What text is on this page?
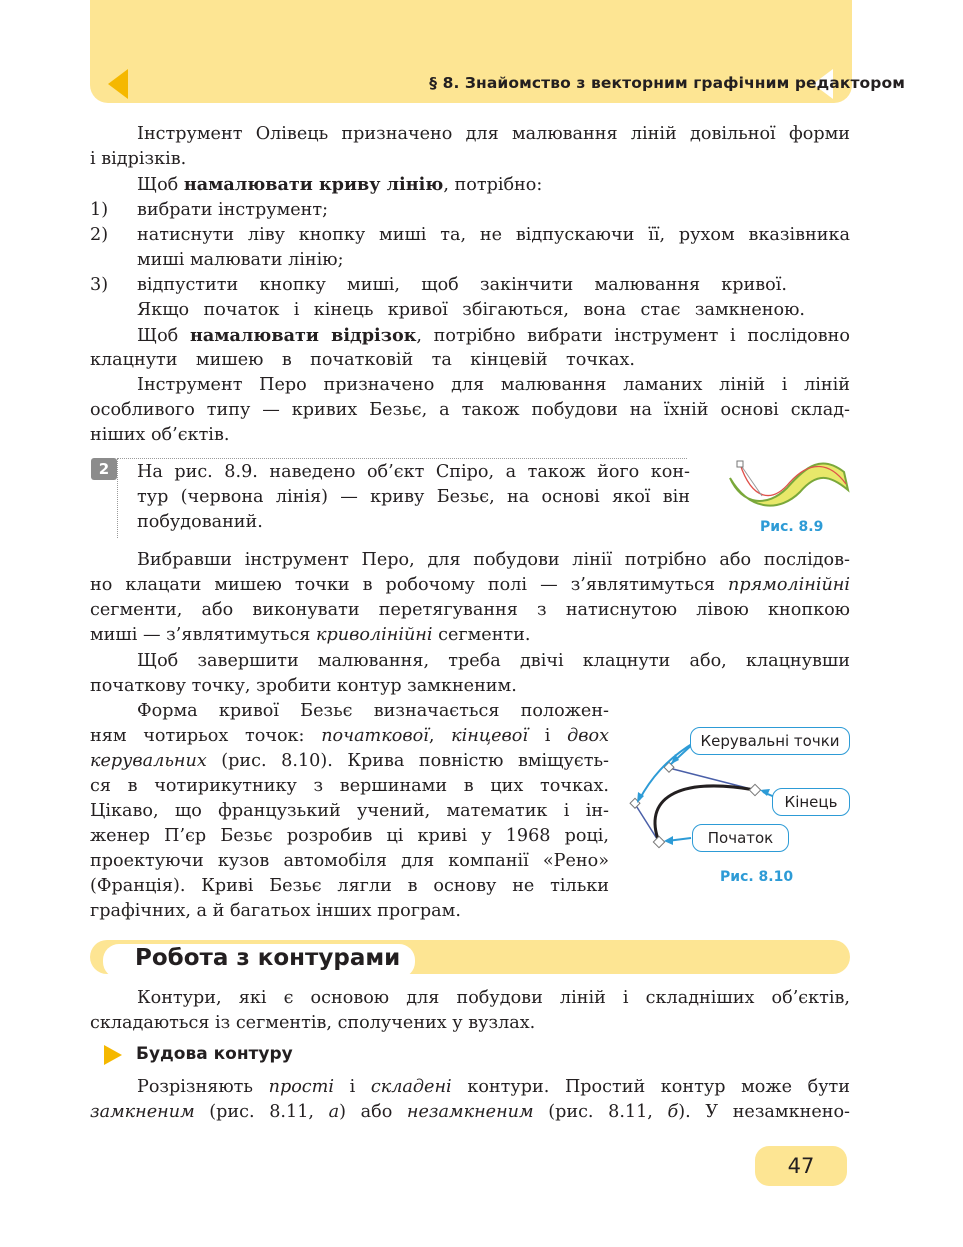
§ 8. Знайомство з векторним графічним редактором
Інструмент Олівець призначено для малювання ліній довільної форми
і відрізків.
Щоб намалювати криву лінію, потрібно:
1) вибрати інструмент;
2) натиснути ліву кнопку миші та, не відпускаючи її, рухом вказівника
миші малювати лінію;
3) відпустити кнопку миші, щоб закінчити малювання кривої.
Якщо початок і кінець кривої збігаються, вона стає замкненою.
Щоб намалювати відрізок, потрібно вибрати інструмент і послідовно
клацнути мишею в початковій та кінцевій точках.
Інструмент Перо призначено для малювання ламаних ліній і ліній
особливого типу — кривих Безьє, а також побудови на їхній основі склад-
ніших об’єктів.
2	На рис. 8.9. наведено об’єкт Спіро, а також його кон-
тур (червона лінія) — криву Безьє, на основі якої він
побудований.	Рис. 8.9
Вибравши інструмент Перо, для побудови лінії потрібно або послідов-
но клацати мишею точки в робочому полі — з’являтимуться прямолінійні
сегменти, або виконувати перетягування з натиснутою лівою кнопкою
миші — з’являтимуться криволінійні сегменти.
Щоб завершити малювання, треба двічі клацнути або, клацнувши
початкову точку, зробити контур замкненим.
Форма кривої Безьє визначається положен-
ням чотирьох точок: початкової, кінцевої і двох
керувальних (рис. 8.10). Крива повністю вміщуєть-
ся в чотирикутнику з вершинами в цих точках.
Цікаво, що французький учений, математик і ін-
женер П’єр Безьє розробив ці криві у 1968 році,
проектуючи кузов автомобіля для компанії «Рено»
(Франція). Криві Безьє лягли в основу не тільки
графічних, а й багатьох інших програм.
Керувальні точки
Кінець
Початок
Рис. 8.10
Робота з контурами
Контури, які є основою для побудови ліній і складніших об’єктів,
складаються із сегментів, сполучених у вузлах.
Будова контуру
Розрізняють прості і складені контури. Простий контур може бути
замкненим (рис. 8.11, а) або незамкненим (рис. 8.11, б). У незамкнено-
47
